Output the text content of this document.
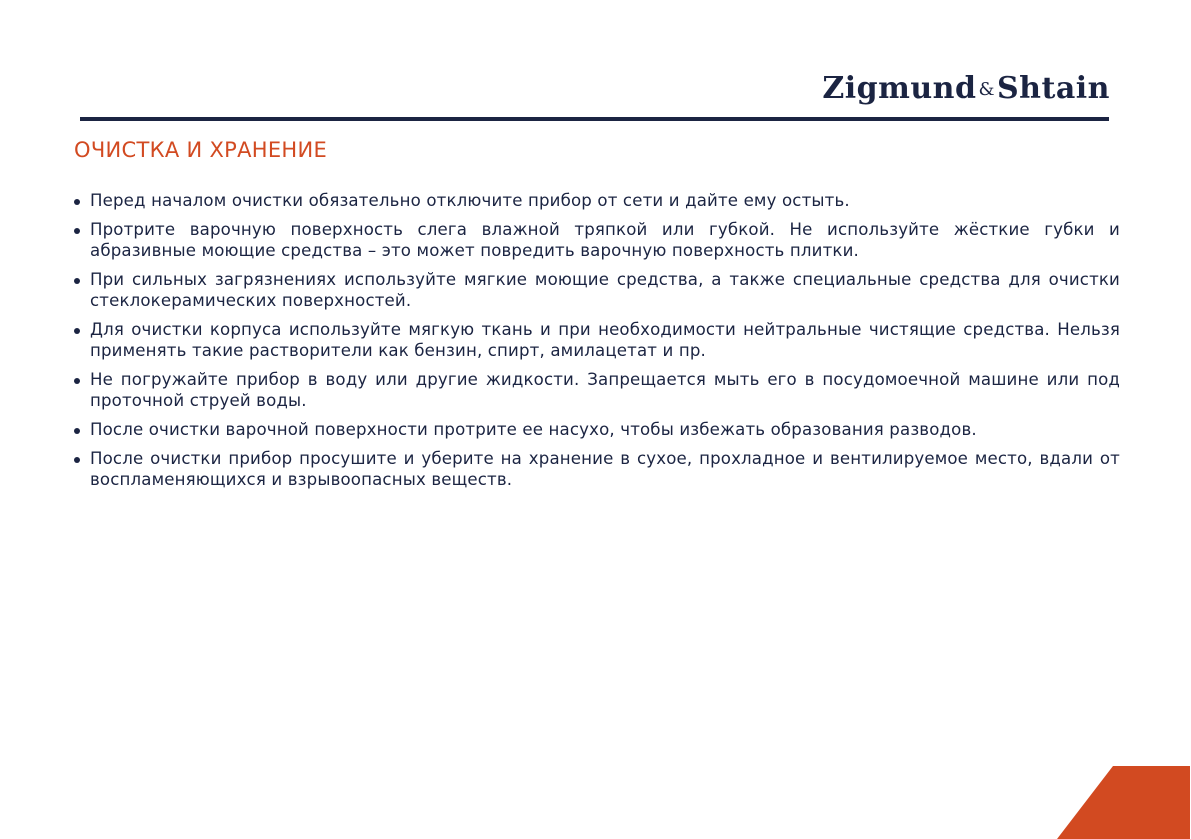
Zigmund &Shtain
ОЧИСТКА И ХРАНЕНИЕ
Перед началом очистки обязательно отключите прибор от сети и дайте ему остыть.
Протрите варочную поверхность слега влажной тряпкой или губкой. Не используйте жёсткие губки и абразивные моющие средства – это может повредить варочную поверхность плитки.
При сильных загрязнениях используйте мягкие моющие средства, а также специальные средства для очистки стеклокерамических поверхностей.
Для очистки корпуса используйте мягкую ткань и при необходимости нейтральные чистящие средства. Нельзя применять такие растворители как бензин, спирт, амилацетат и пр.
Не погружайте прибор в воду или другие жидкости. Запрещается мыть его в посудомоечной машине или под проточной струей воды.
После очистки варочной поверхности протрите ее насухо, чтобы избежать образования разводов.
После очистки прибор просушите и уберите на хранение в сухое, прохладное и вентилируемое место, вдали от воспламеняющихся и взрывоопасных веществ.
